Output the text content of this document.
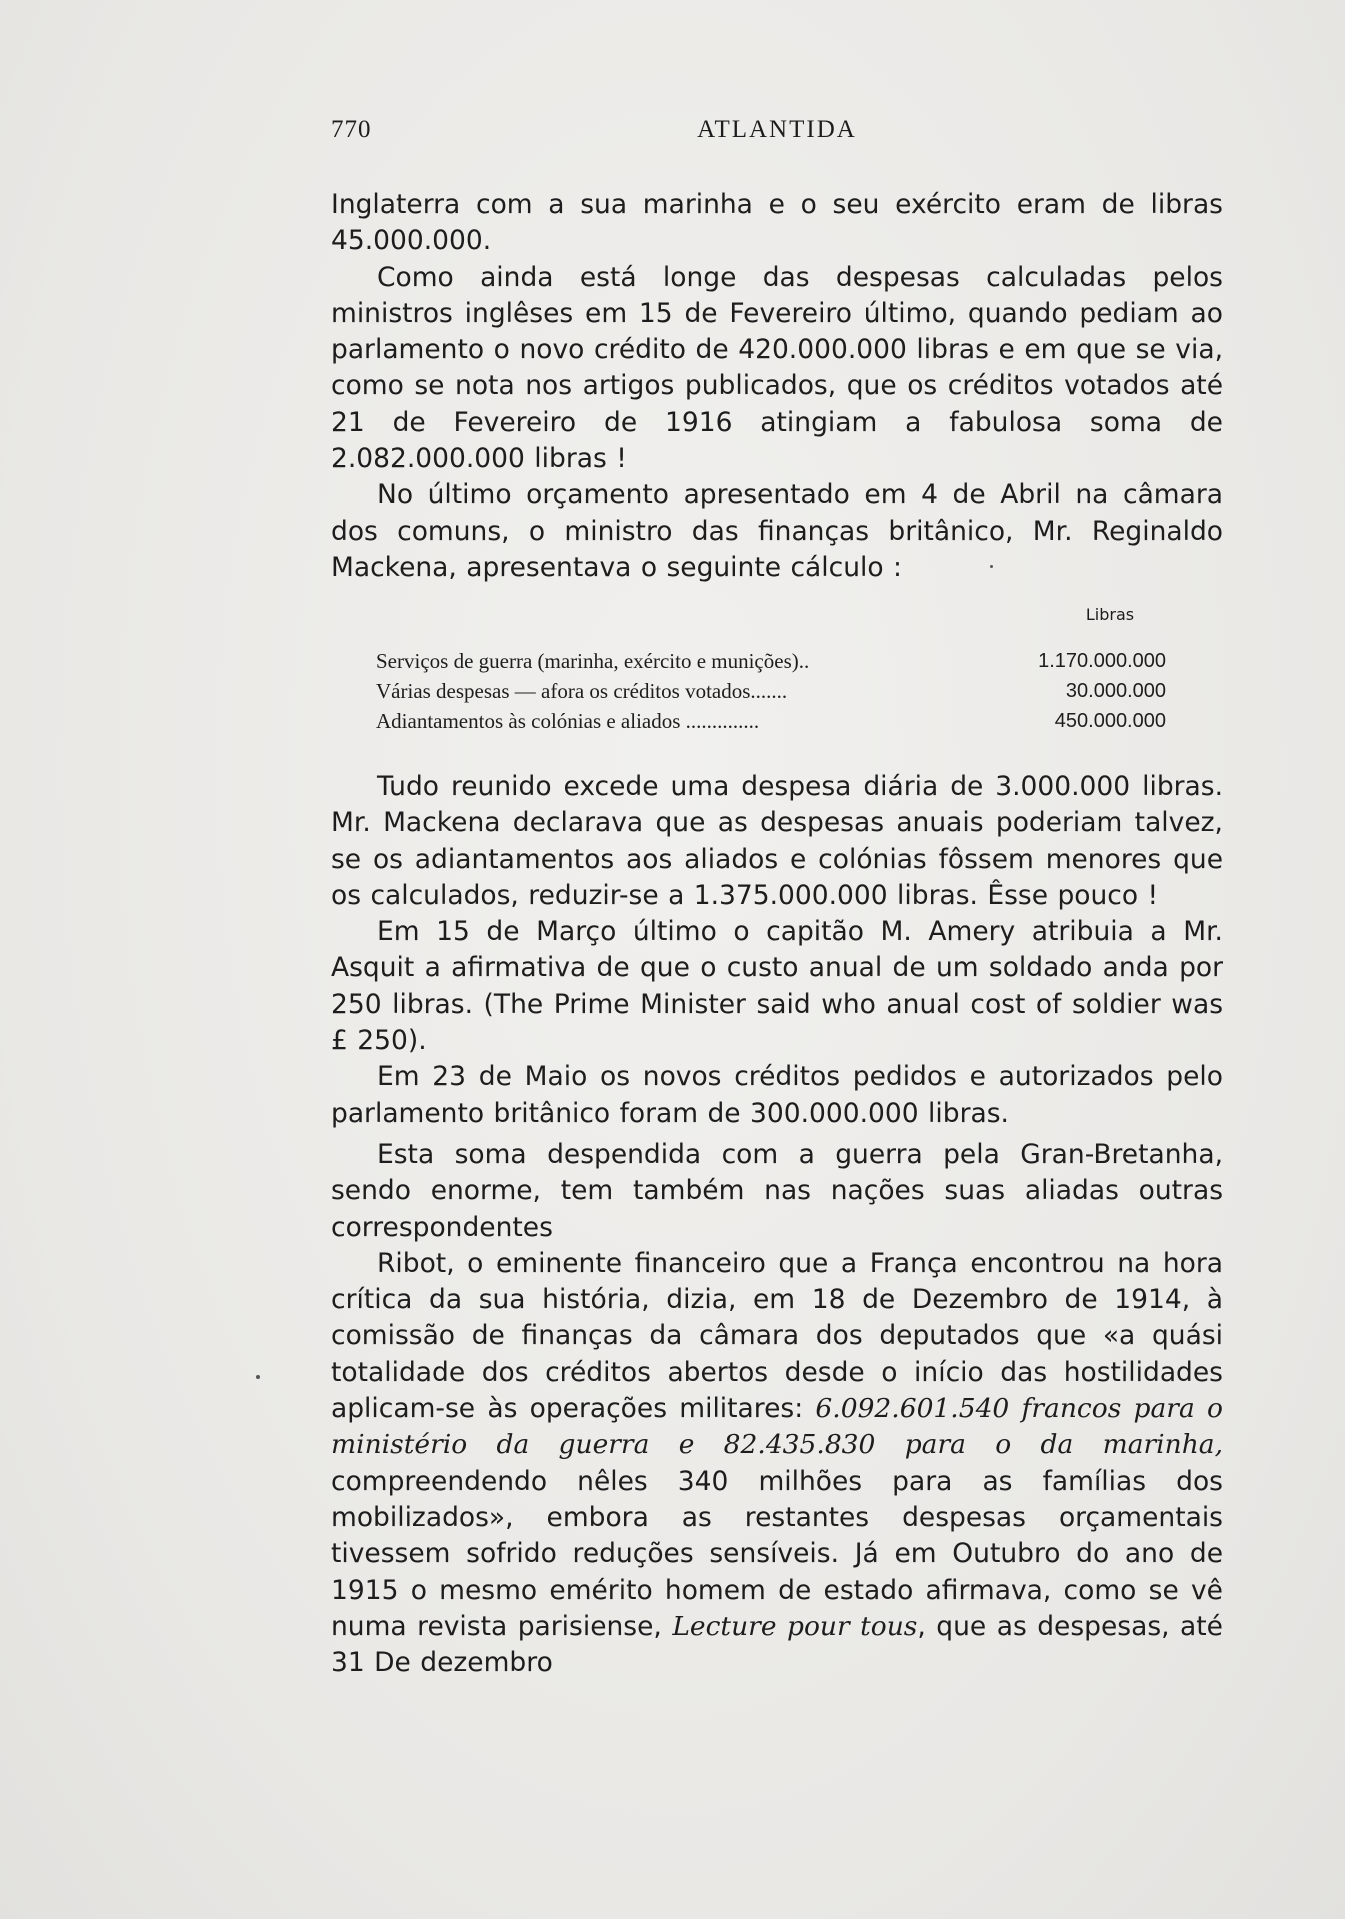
770	ATLANTIDA

Inglaterra com a sua marinha e o seu exército eram de libras 45.000.000.

Como ainda está longe das despesas calculadas pelos ministros inglêses em 15 de Fevereiro último, quando pediam ao parlamento o novo crédito de 420.000.000 libras e em que se via, como se nota nos artigos publicados, que os créditos votados até 21 de Fevereiro de 1916 atingiam a fabulosa soma de 2.082.000.000 libras !

No último orçamento apresentado em 4 de Abril na câmara dos comuns, o ministro das finanças britânico, Mr. Reginaldo Mackena, apresentava o seguinte cálculo :

Libras
Serviços de guerra (marinha, exército e munições)..	1.170.000.000
Várias despesas — afora os créditos votados.......	30.000.000
Adiantamentos às colónias e aliados ..............	450.000.000

Tudo reunido excede uma despesa diária de 3.000.000 libras. Mr. Mackena declarava que as despesas anuais poderiam talvez, se os adiantamentos aos aliados e colónias fôssem menores que os calculados, reduzir-se a 1.375.000.000 libras. Êsse pouco !

Em 15 de Março último o capitão M. Amery atribuia a Mr. Asquit a afirmativa de que o custo anual de um soldado anda por 250 libras. (The Prime Minister said who anual cost of soldier was £ 250).

Em 23 de Maio os novos créditos pedidos e autorizados pelo parlamento britânico foram de 300.000.000 libras.

Esta soma despendida com a guerra pela Gran-Bretanha, sendo enorme, tem também nas nações suas aliadas outras correspondentes

Ribot, o eminente financeiro que a França encontrou na hora crítica da sua história, dizia, em 18 de Dezembro de 1914, à comissão de finanças da câmara dos deputados que «a quási totalidade dos créditos abertos desde o início das hostilidades aplicam-se às operações militares: 6.092.601.540 francos para o ministério da guerra e 82.435.830 para o da marinha, compreendendo nêles 340 milhões para as famílias dos mobilizados», embora as restantes despesas orçamentais tivessem sofrido reduções sensíveis. Já em Outubro do ano de 1915 o mesmo emérito homem de estado afirmava, como se vê numa revista parisiense, Lecture pour tous, que as despesas, até 31 De dezembro
